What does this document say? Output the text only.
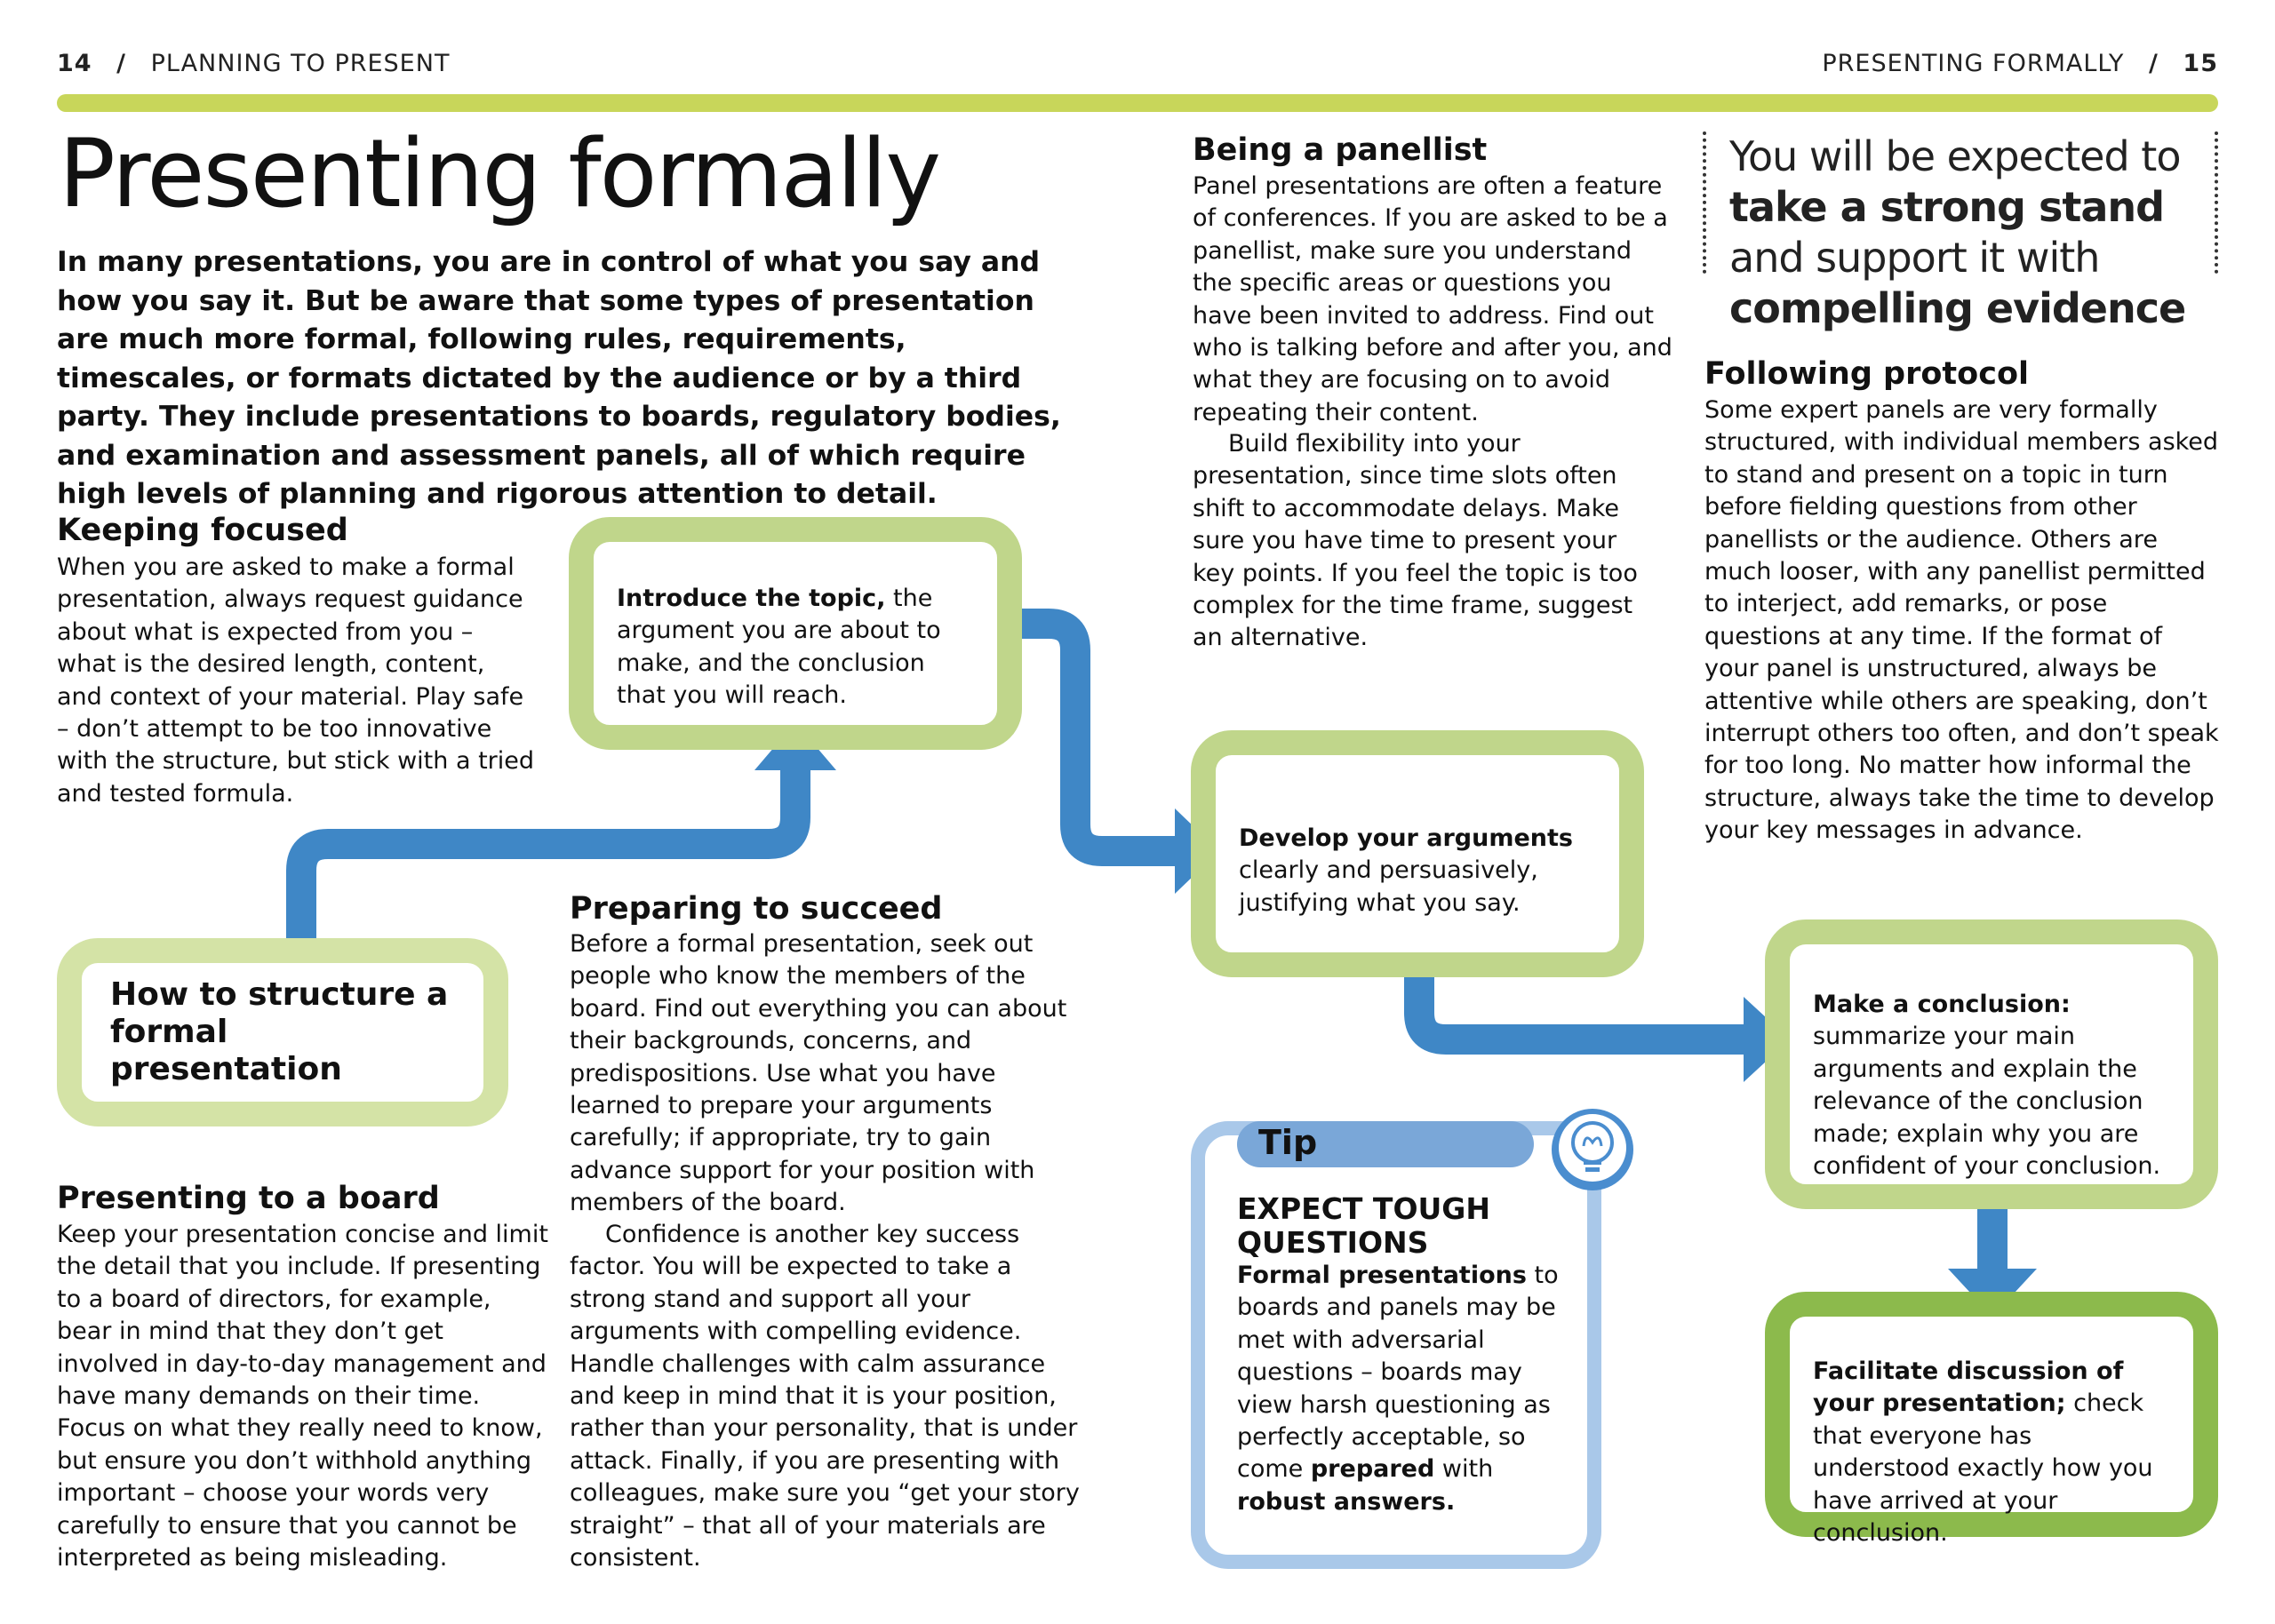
14 / PLANNING TO PRESENT	PRESENTING FORMALLY / 15
Presenting formally

In many presentations, you are in control of what you say and how you say it. But be aware that some types of presentation are much more formal, following rules, requirements, timescales, or formats dictated by the audience or by a third party. They include presentations to boards, regulatory bodies, and examination and assessment panels, all of which require high levels of planning and rigorous attention to detail.

Keeping focused

When you are asked to make a formal presentation, always request guidance about what is expected from you – what is the desired length, content, and context of your material. Play safe – don’t attempt to be too innovative with the structure, but stick with a tried and tested formula.

How to structure a formal presentation

Introduce the topic, the argument you are about to make, and the conclusion that you will reach.

Presenting to a board

Keep your presentation concise and limit the detail that you include. If presenting to a board of directors, for example, bear in mind that they don’t get involved in day-to-day management and have many demands on their time. Focus on what they really need to know, but ensure you don’t withhold anything important – choose your words very carefully to ensure that you cannot be interpreted as being misleading.

Preparing to succeed

Before a formal presentation, seek out people who know the members of the board. Find out everything you can about their backgrounds, concerns, and predispositions. Use what you have learned to prepare your arguments carefully; if appropriate, try to gain advance support for your position with members of the board.

Confidence is another key success factor. You will be expected to take a strong stand and support all your arguments with compelling evidence. Handle challenges with calm assurance and keep in mind that it is your position, rather than your personality, that is under attack. Finally, if you are presenting with colleagues, make sure you “get your story straight” – that all of your materials are consistent.

Being a panellist

Panel presentations are often a feature of conferences. If you are asked to be a panellist, make sure you understand the specific areas or questions you have been invited to address. Find out who is talking before and after you, and what they are focusing on to avoid repeating their content.

Build flexibility into your presentation, since time slots often shift to accommodate delays. Make sure you have time to present your key points. If you feel the topic is too complex for the time frame, suggest an alternative.

Develop your arguments clearly and persuasively, justifying what you say.

Tip
EXPECT TOUGH QUESTIONS

Formal presentations to boards and panels may be met with adversarial questions – boards may view harsh questioning as perfectly acceptable, so come prepared with robust answers.

You will be expected to take a strong stand and support it with compelling evidence
Following protocol

Some expert panels are very formally structured, with individual members asked to stand and present on a topic in turn before fielding questions from other panellists or the audience. Others are much looser, with any panellist permitted to interject, add remarks, or pose questions at any time. If the format of your panel is unstructured, always be attentive while others are speaking, don’t interrupt others too often, and don’t speak for too long. No matter how informal the structure, always take the time to develop your key messages in advance.

Make a conclusion: summarize your main arguments and explain the relevance of the conclusion made; explain why you are confident of your conclusion.

Facilitate discussion of your presentation; check that everyone has understood exactly how you have arrived at your conclusion.
